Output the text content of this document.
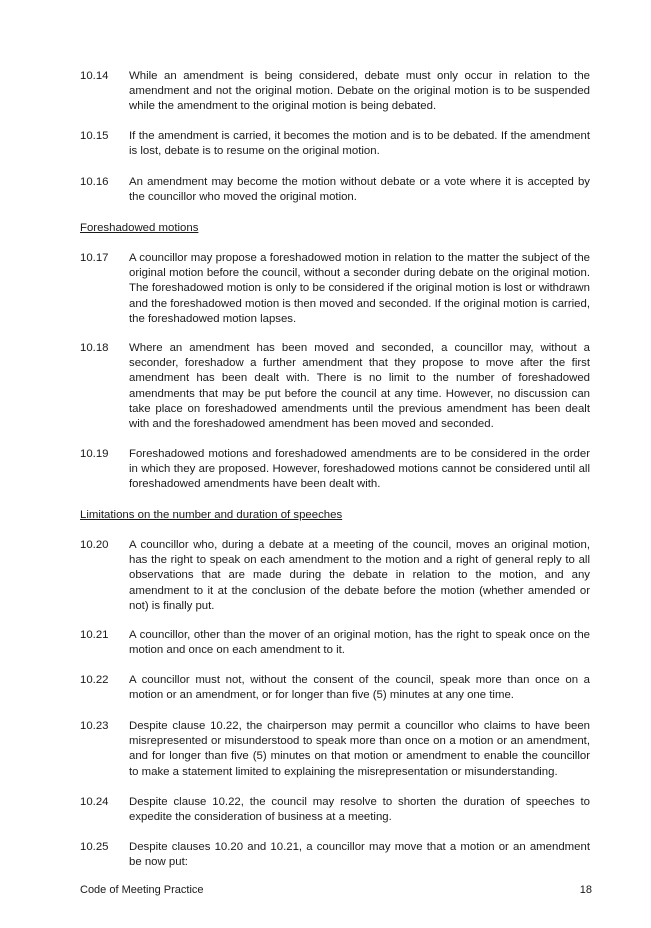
10.14	While an amendment is being considered, debate must only occur in relation to the amendment and not the original motion. Debate on the original motion is to be suspended while the amendment to the original motion is being debated.
10.15	If the amendment is carried, it becomes the motion and is to be debated. If the amendment is lost, debate is to resume on the original motion.
10.16	An amendment may become the motion without debate or a vote where it is accepted by the councillor who moved the original motion.
Foreshadowed motions
10.17	A councillor may propose a foreshadowed motion in relation to the matter the subject of the original motion before the council, without a seconder during debate on the original motion. The foreshadowed motion is only to be considered if the original motion is lost or withdrawn and the foreshadowed motion is then moved and seconded. If the original motion is carried, the foreshadowed motion lapses.
10.18	Where an amendment has been moved and seconded, a councillor may, without a seconder, foreshadow a further amendment that they propose to move after the first amendment has been dealt with. There is no limit to the number of foreshadowed amendments that may be put before the council at any time. However, no discussion can take place on foreshadowed amendments until the previous amendment has been dealt with and the foreshadowed amendment has been moved and seconded.
10.19	Foreshadowed motions and foreshadowed amendments are to be considered in the order in which they are proposed. However, foreshadowed motions cannot be considered until all foreshadowed amendments have been dealt with.
Limitations on the number and duration of speeches
10.20	A councillor who, during a debate at a meeting of the council, moves an original motion, has the right to speak on each amendment to the motion and a right of general reply to all observations that are made during the debate in relation to the motion, and any amendment to it at the conclusion of the debate before the motion (whether amended or not) is finally put.
10.21	A councillor, other than the mover of an original motion, has the right to speak once on the motion and once on each amendment to it.
10.22	A councillor must not, without the consent of the council, speak more than once on a motion or an amendment, or for longer than five (5) minutes at any one time.
10.23	Despite clause 10.22, the chairperson may permit a councillor who claims to have been misrepresented or misunderstood to speak more than once on a motion or an amendment, and for longer than five (5) minutes on that motion or amendment to enable the councillor to make a statement limited to explaining the misrepresentation or misunderstanding.
10.24	Despite clause 10.22, the council may resolve to shorten the duration of speeches to expedite the consideration of business at a meeting.
10.25	Despite clauses 10.20 and 10.21, a councillor may move that a motion or an amendment be now put:
Code of Meeting Practice	18
